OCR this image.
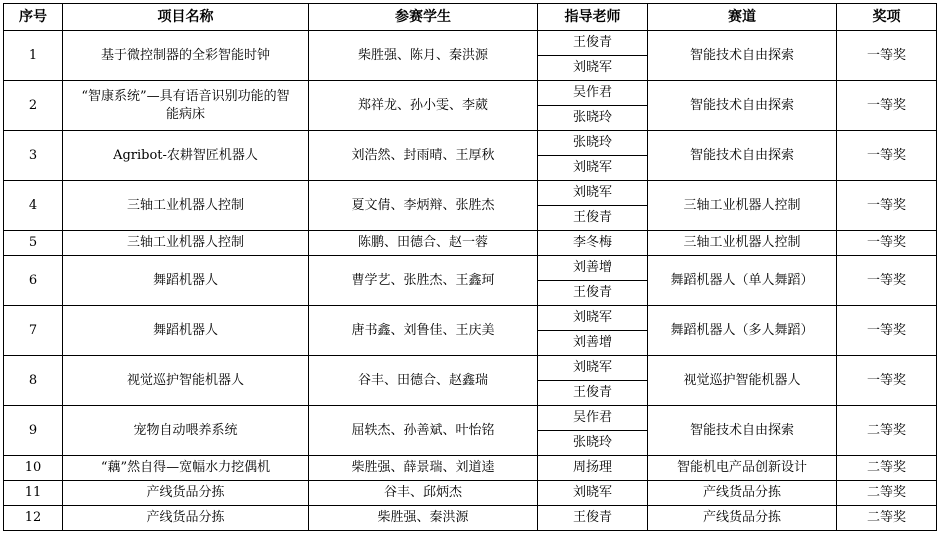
序号	项目名称	参赛学生	指导老师	赛道	奖项
1	基于微控制器的全彩智能时钟	柴胜强、陈月、秦洪源	王俊青	智能技术自由探索	一等奖
			刘晓军		
2	“智康系统”—具有语音识别功能的智能病床	郑祥龙、孙小雯、李葳	吴作君	智能技术自由探索	一等奖
			张晓玲		
3	Agribot-农耕智匠机器人	刘浩然、封雨晴、王厚秋	张晓玲	智能技术自由探索	一等奖
			刘晓军		
4	三轴工业机器人控制	夏文倩、李炳辩、张胜杰	刘晓军	三轴工业机器人控制	一等奖
			王俊青		
5	三轴工业机器人控制	陈鹏、田德合、赵一蓉	李冬梅	三轴工业机器人控制	一等奖
6	舞蹈机器人	曹学艺、张胜杰、王鑫珂	刘善增	舞蹈机器人（单人舞蹈）	一等奖
			王俊青		
7	舞蹈机器人	唐书鑫、刘鲁佳、王庆美	刘晓军	舞蹈机器人（多人舞蹈）	一等奖
			刘善增		
8	视觉巡护智能机器人	谷丰、田德合、赵鑫瑞	刘晓军	视觉巡护智能机器人	一等奖
			王俊青		
9	宠物自动喂养系统	屈轶杰、孙善斌、叶怡铭	吴作君	智能技术自由探索	二等奖
			张晓玲		
10	“藕”然自得—宽幅水力挖偶机	柴胜强、薛景瑞、刘道逵	周扬理	智能机电产品创新设计	二等奖
11	产线货品分拣	谷丰、邱炳杰	刘晓军	产线货品分拣	二等奖
12	产线货品分拣	柴胜强、秦洪源	王俊青	产线货品分拣	二等奖
